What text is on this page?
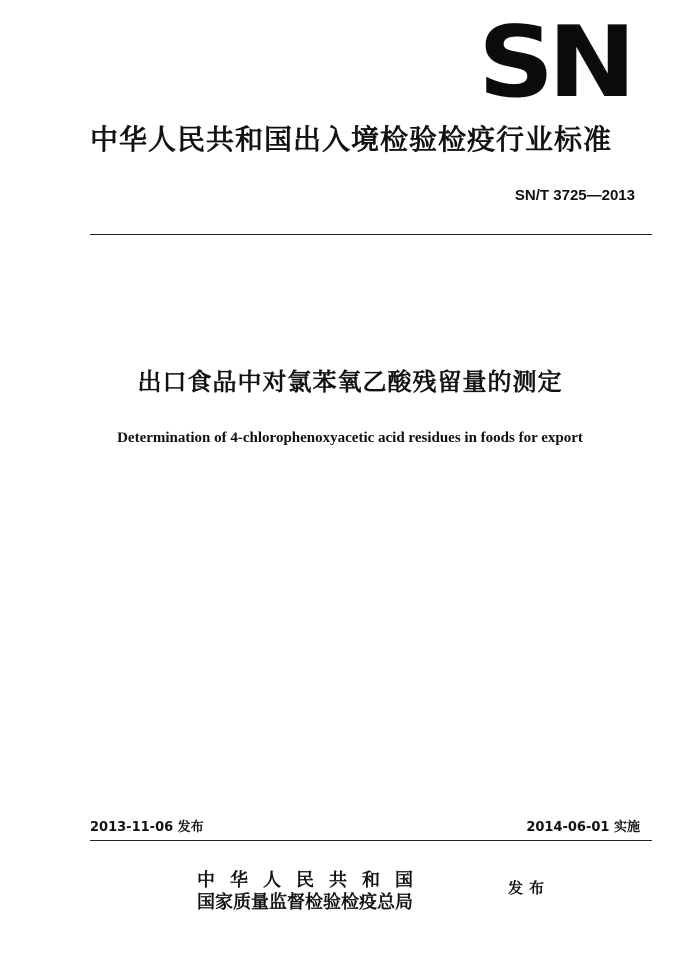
SN
中华人民共和国出入境检验检疫行业标准
SN/T 3725—2013
出口食品中对氯苯氧乙酸残留量的测定
Determination of 4-chlorophenoxyacetic acid residues in foods for export
2013-11-06 发布	2014-06-01 实施
中华人民共和国
国家质量监督检验检疫总局
发布
